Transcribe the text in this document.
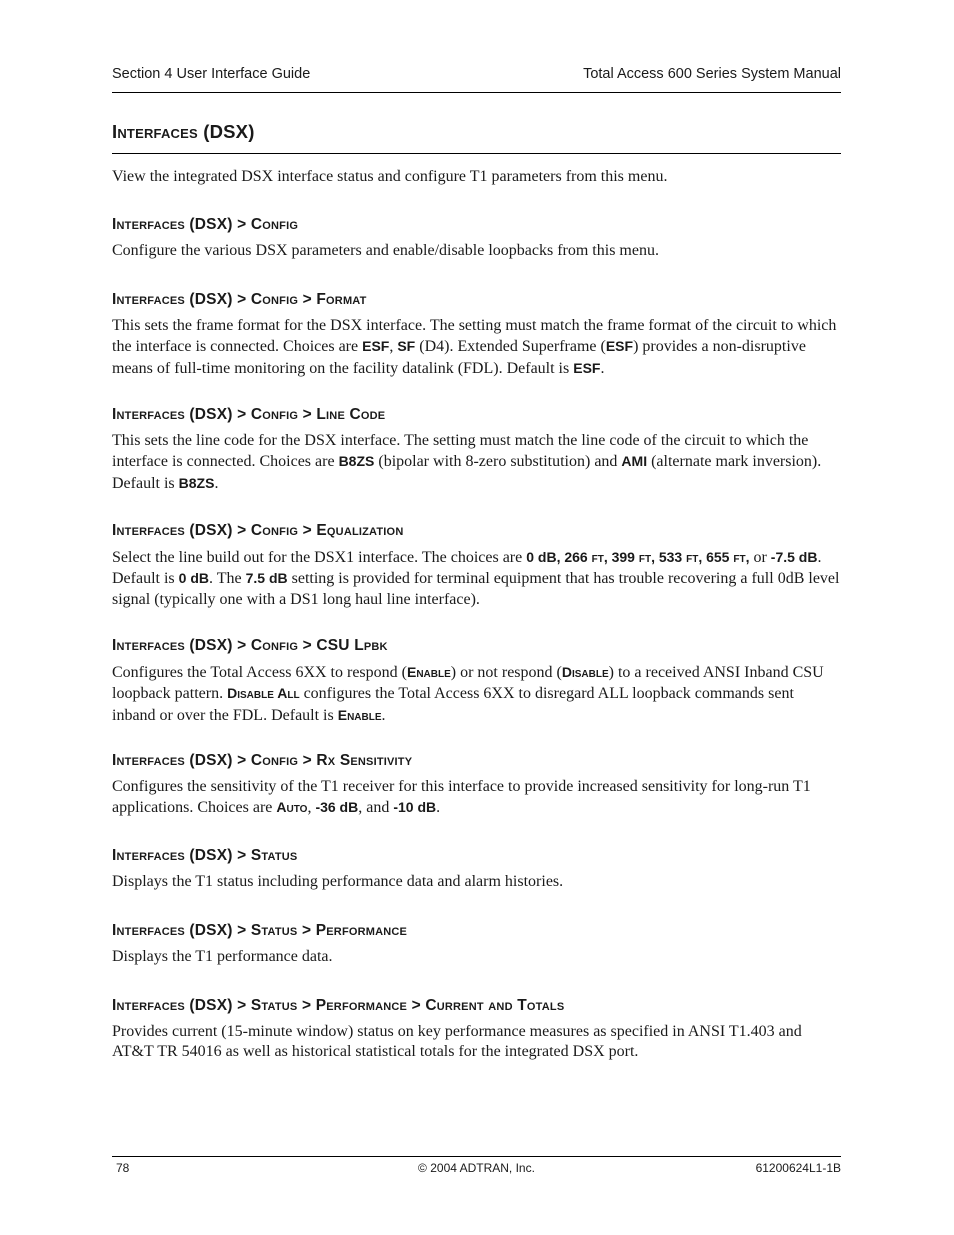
Section 4 User Interface Guide	Total Access 600 Series System Manual
Interfaces (DSX)
View the integrated DSX interface status and configure T1 parameters from this menu.
Interfaces (DSX) > Config
Configure the various DSX parameters and enable/disable loopbacks from this menu.
Interfaces (DSX) > Config > Format
This sets the frame format for the DSX interface. The setting must match the frame format of the circuit to which the interface is connected. Choices are ESF, SF (D4). Extended Superframe (ESF) provides a non-disruptive means of full-time monitoring on the facility datalink (FDL). Default is ESF.
Interfaces (DSX) > Config > Line Code
This sets the line code for the DSX interface. The setting must match the line code of the circuit to which the interface is connected. Choices are B8ZS (bipolar with 8-zero substitution) and AMI (alternate mark inversion). Default is B8ZS.
Interfaces (DSX) > Config > Equalization
Select the line build out for the DSX1 interface. The choices are 0 dB, 266 ft, 399 ft, 533 ft, 655 ft, or -7.5 dB. Default is 0 dB. The 7.5 dB setting is provided for terminal equipment that has trouble recovering a full 0dB level signal (typically one with a DS1 long haul line interface).
Interfaces (DSX) > Config > CSU Lpbk
Configures the Total Access 6XX to respond (Enable) or not respond (Disable) to a received ANSI Inband CSU loopback pattern. Disable All configures the Total Access 6XX to disregard ALL loopback commands sent inband or over the FDL. Default is Enable.
Interfaces (DSX) > Config > Rx Sensitivity
Configures the sensitivity of the T1 receiver for this interface to provide increased sensitivity for long-run T1 applications. Choices are Auto, -36 dB, and -10 dB.
Interfaces (DSX) > Status
Displays the T1 status including performance data and alarm histories.
Interfaces (DSX) > Status > Performance
Displays the T1 performance data.
Interfaces (DSX) > Status > Performance > Current and Totals
Provides current (15-minute window) status on key performance measures as specified in ANSI T1.403 and AT&T TR 54016 as well as historical statistical totals for the integrated DSX port.
78	© 2004 ADTRAN, Inc.	61200624L1-1B
